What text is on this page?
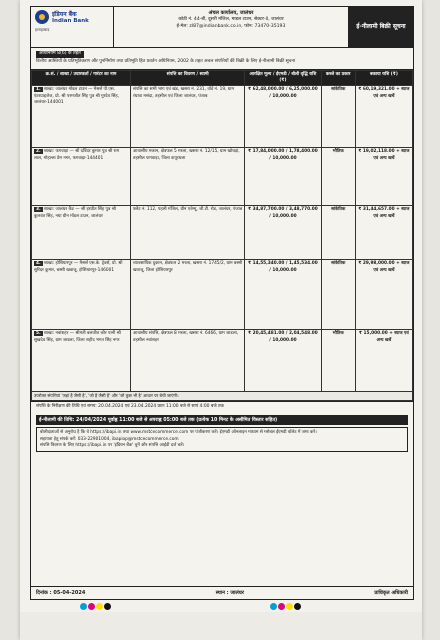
इंडियन बैंक
Indian Bank
इलाहाबाद
अंचल कार्यालय, जालंधर
कोठी नं. 44-बी, दूसरी मंजिल, माडल टाउन, सेक्टर-II, जालंधर
ई-मेल: zl87@indianbank.co.in, फोन: 73470-35193	ई-नीलामी बिक्री सूचना
अधिनियम 8(6) के तहत
वित्तीय आस्तियों के प्रतिभूतिकरण और पुनर्निर्माण तथा प्रतिभूति हित प्रवर्तन अधिनियम, 2002 के तहत अचल संपत्तियों की बिक्री के लिए ई-नीलामी बिक्री सूचना
क्र.सं. / शाखा / उधारकर्ता / गारंटर का नाम	संपत्ति का विवरण / स्वामी	आरक्षित मूल्य / ईएमडी / बोली वृद्धि राशि (₹)	कब्जे का प्रकार	बकाया राशि (₹)
1. शाखा: जालंधर मॉडल टाउन — मैसर्स पी.एस. एंटरप्राइजेज, प्रो. श्री परमजीत सिंह पुत्र श्री गुरदेव सिंह, जालंधर-144001	संपत्ति का सभी भाग एवं खंड, खसरा नं. 231, वॉर्ड नं. 19, ग्राम रंधावा मसंदा, तहसील एवं जिला जालंधर, पंजाब	₹ 62,48,000.00 / 6,25,000.00 / 10,000.00	सांकेतिक	₹ 60,19,321.00 + ब्याज एवं अन्य खर्चे
2. शाखा: फगवाड़ा — श्री दविंदर कुमार पुत्र श्री राम लाल, मोहल्ला प्रेम नगर, फगवाड़ा-144401	आवासीय मकान, क्षेत्रफल 5 मरला, खसरा नं. 12/15, ग्राम खोथड़ां, तहसील फगवाड़ा, जिला कपूरथला	₹ 17,84,000.00 / 1,78,400.00 / 10,000.00	भौतिक	₹ 19,02,118.00 + ब्याज एवं अन्य खर्चे
3. शाखा: जालंधर कैंट — श्री हरप्रीत सिंह पुत्र श्री कुलवंत सिंह, नया ग्रीन मॉडल टाउन, जालंधर	फ्लैट नं. 112, पहली मंजिल, ग्रीन एवेन्यू, जी.टी. रोड, जालंधर, पंजाब	₹ 34,87,700.00 / 3,48,770.00 / 10,000.00	सांकेतिक	₹ 31,44,657.00 + ब्याज एवं अन्य खर्चे
4. शाखा: होशियारपुर — मैसर्स एस.के. ट्रेडर्स, प्रो. श्री सुरिंदर कुमार, बस्सी खवाजू, होशियारपुर-146001	व्यावसायिक दुकान, क्षेत्रफल 2 मरला, खसरा नं. 1745/2, ग्राम बस्सी खवाजू, जिला होशियारपुर	₹ 14,55,340.00 / 1,45,534.00 / 10,000.00	सांकेतिक	₹ 29,98,000.00 + ब्याज एवं अन्य खर्चे
5. शाखा: नवांशहर — श्रीमती बलजीत कौर पत्नी श्री सुखदेव सिंह, ग्राम जाडला, जिला शहीद भगत सिंह नगर	आवासीय संपत्ति, क्षेत्रफल 8 मरला, खसरा नं. 6466, ग्राम जाडला, तहसील नवांशहर	₹ 20,45,481.00 / 2,04,548.00 / 10,000.00	भौतिक	₹ 15,000.00 + ब्याज एवं अन्य खर्चे
उपरोक्त संपत्तियां 'जहां है जैसी है', 'जो है जैसी है' और 'जो कुछ भी है' आधार पर बेची जाएंगी।				
संपत्ति के निरीक्षण की तिथि एवं समय: 20.04.2024 एवं 23.04.2024 प्रातः 11:00 बजे से सायं 4:00 बजे तक
ई-नीलामी की तिथि: 24/04/2024 पूर्वाह्न 11:00 बजे से अपराह्न 05:00 बजे तक (प्रत्येक 10 मिनट के असीमित विस्तार सहित)
बोलीदाताओं से अनुरोध है कि वे https://ibapi.in तथा www.mstcecommerce.com पर पंजीकरण करें। ईएमडी ऑनलाइन माध्यम से ग्लोबल ईएमडी वॉलेट में जमा करें।
सहायता हेतु संपर्क करें: 033-22901004, ibapiop@mstcecommerce.com
संपत्ति विवरण के लिए https://ibapi.in पर 'इंडियन बैंक' चुनें और संपत्ति आईडी दर्ज करें।
दिनांक : 05-04-2024	स्थान : जालंधर	प्राधिकृत अधिकारी
